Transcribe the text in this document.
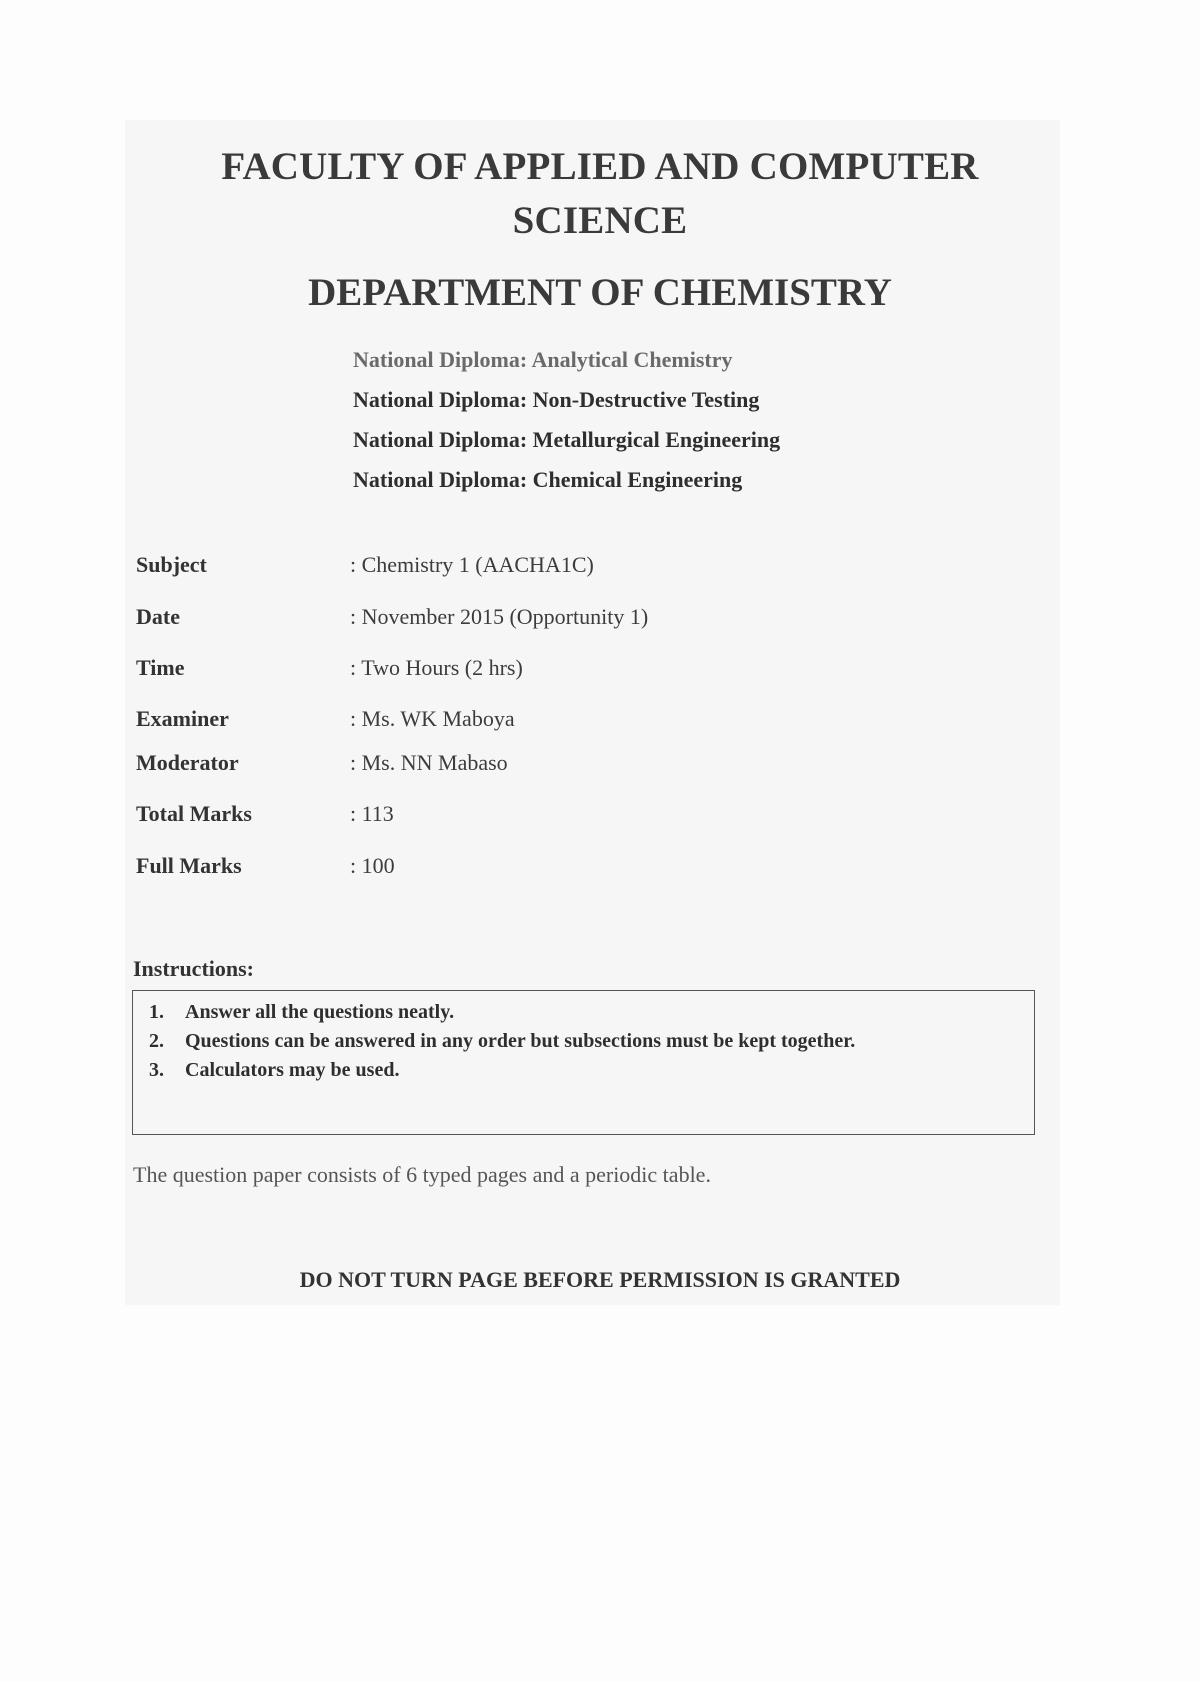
FACULTY OF APPLIED AND COMPUTER
SCIENCE
DEPARTMENT OF CHEMISTRY
National Diploma: Analytical Chemistry
National Diploma: Non-Destructive Testing
National Diploma: Metallurgical Engineering
National Diploma: Chemical Engineering
Subject	: Chemistry 1 (AACHA1C)
Date	: November 2015 (Opportunity 1)
Time	: Two Hours (2 hrs)
Examiner	: Ms. WK Maboya
Moderator	: Ms. NN Mabaso
Total Marks	: 113
Full Marks	: 100
Instructions:
1. Answer all the questions neatly.
2. Questions can be answered in any order but subsections must be kept together.
3. Calculators may be used.
The question paper consists of 6 typed pages and a periodic table.
DO NOT TURN PAGE BEFORE PERMISSION IS GRANTED
